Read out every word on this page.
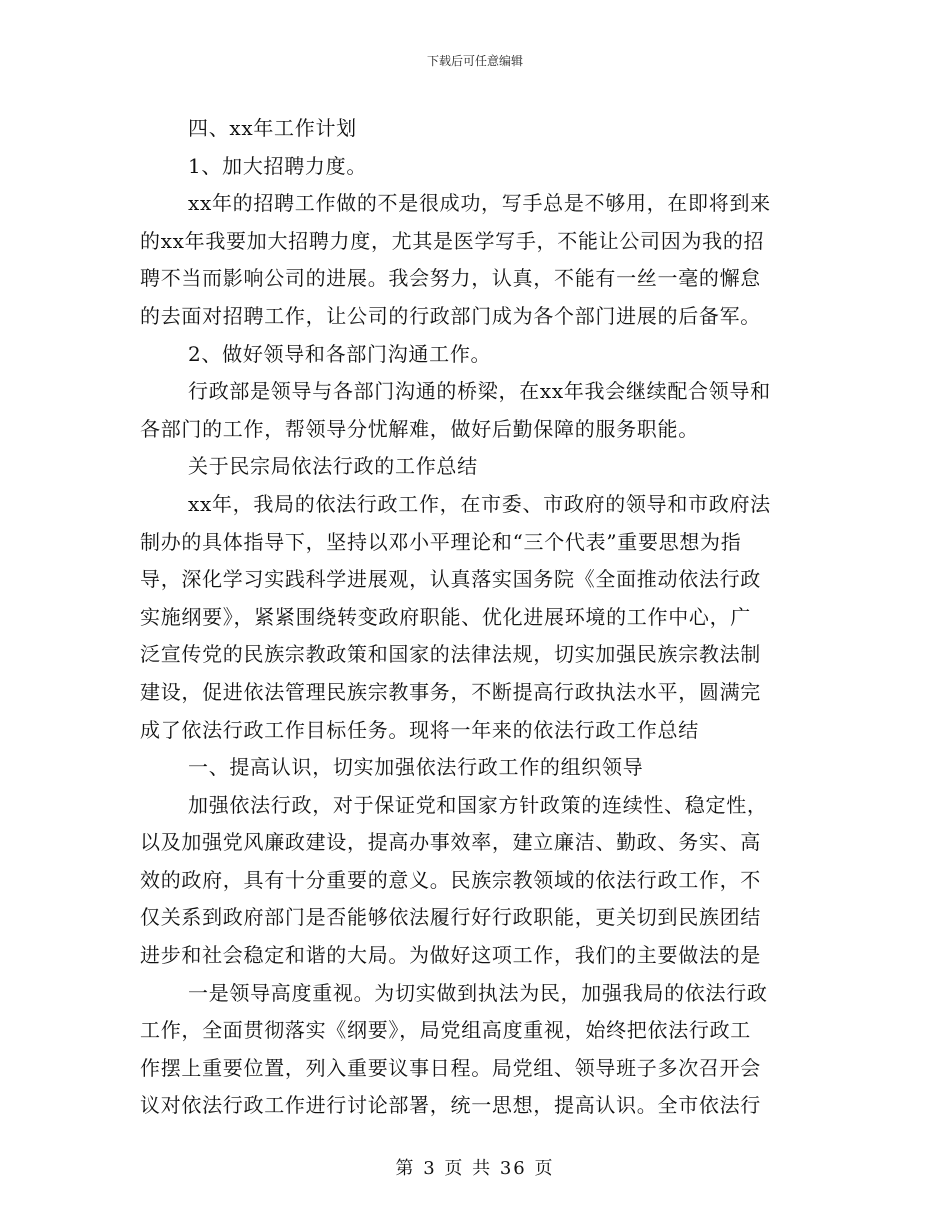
下载后可任意编辑
四、xx年工作计划
1、加大招聘力度。
xx年的招聘工作做的不是很成功，写手总是不够用，在即将到来
的xx年我要加大招聘力度，尤其是医学写手，不能让公司因为我的招
聘不当而影响公司的进展。我会努力，认真，不能有一丝一毫的懈怠
的去面对招聘工作，让公司的行政部门成为各个部门进展的后备军。
2、做好领导和各部门沟通工作。
行政部是领导与各部门沟通的桥梁，在xx年我会继续配合领导和
各部门的工作，帮领导分忧解难，做好后勤保障的服务职能。
关于民宗局依法行政的工作总结
xx年，我局的依法行政工作，在市委、市政府的领导和市政府法
制办的具体指导下，坚持以邓小平理论和“三个代表”重要思想为指
导，深化学习实践科学进展观，认真落实国务院《全面推动依法行政
实施纲要》，紧紧围绕转变政府职能、优化进展环境的工作中心，广
泛宣传党的民族宗教政策和国家的法律法规，切实加强民族宗教法制
建设，促进依法管理民族宗教事务，不断提高行政执法水平，圆满完
成了依法行政工作目标任务。现将一年来的依法行政工作总结
一、提高认识，切实加强依法行政工作的组织领导
加强依法行政，对于保证党和国家方针政策的连续性、稳定性，
以及加强党风廉政建设，提高办事效率，建立廉洁、勤政、务实、高
效的政府，具有十分重要的意义。民族宗教领域的依法行政工作，不
仅关系到政府部门是否能够依法履行好行政职能，更关切到民族团结
进步和社会稳定和谐的大局。为做好这项工作，我们的主要做法的是
一是领导高度重视。为切实做到执法为民，加强我局的依法行政
工作，全面贯彻落实《纲要》，局党组高度重视，始终把依法行政工
作摆上重要位置，列入重要议事日程。局党组、领导班子多次召开会
议对依法行政工作进行讨论部署，统一思想，提高认识。全市依法行
第 3 页 共 36 页
